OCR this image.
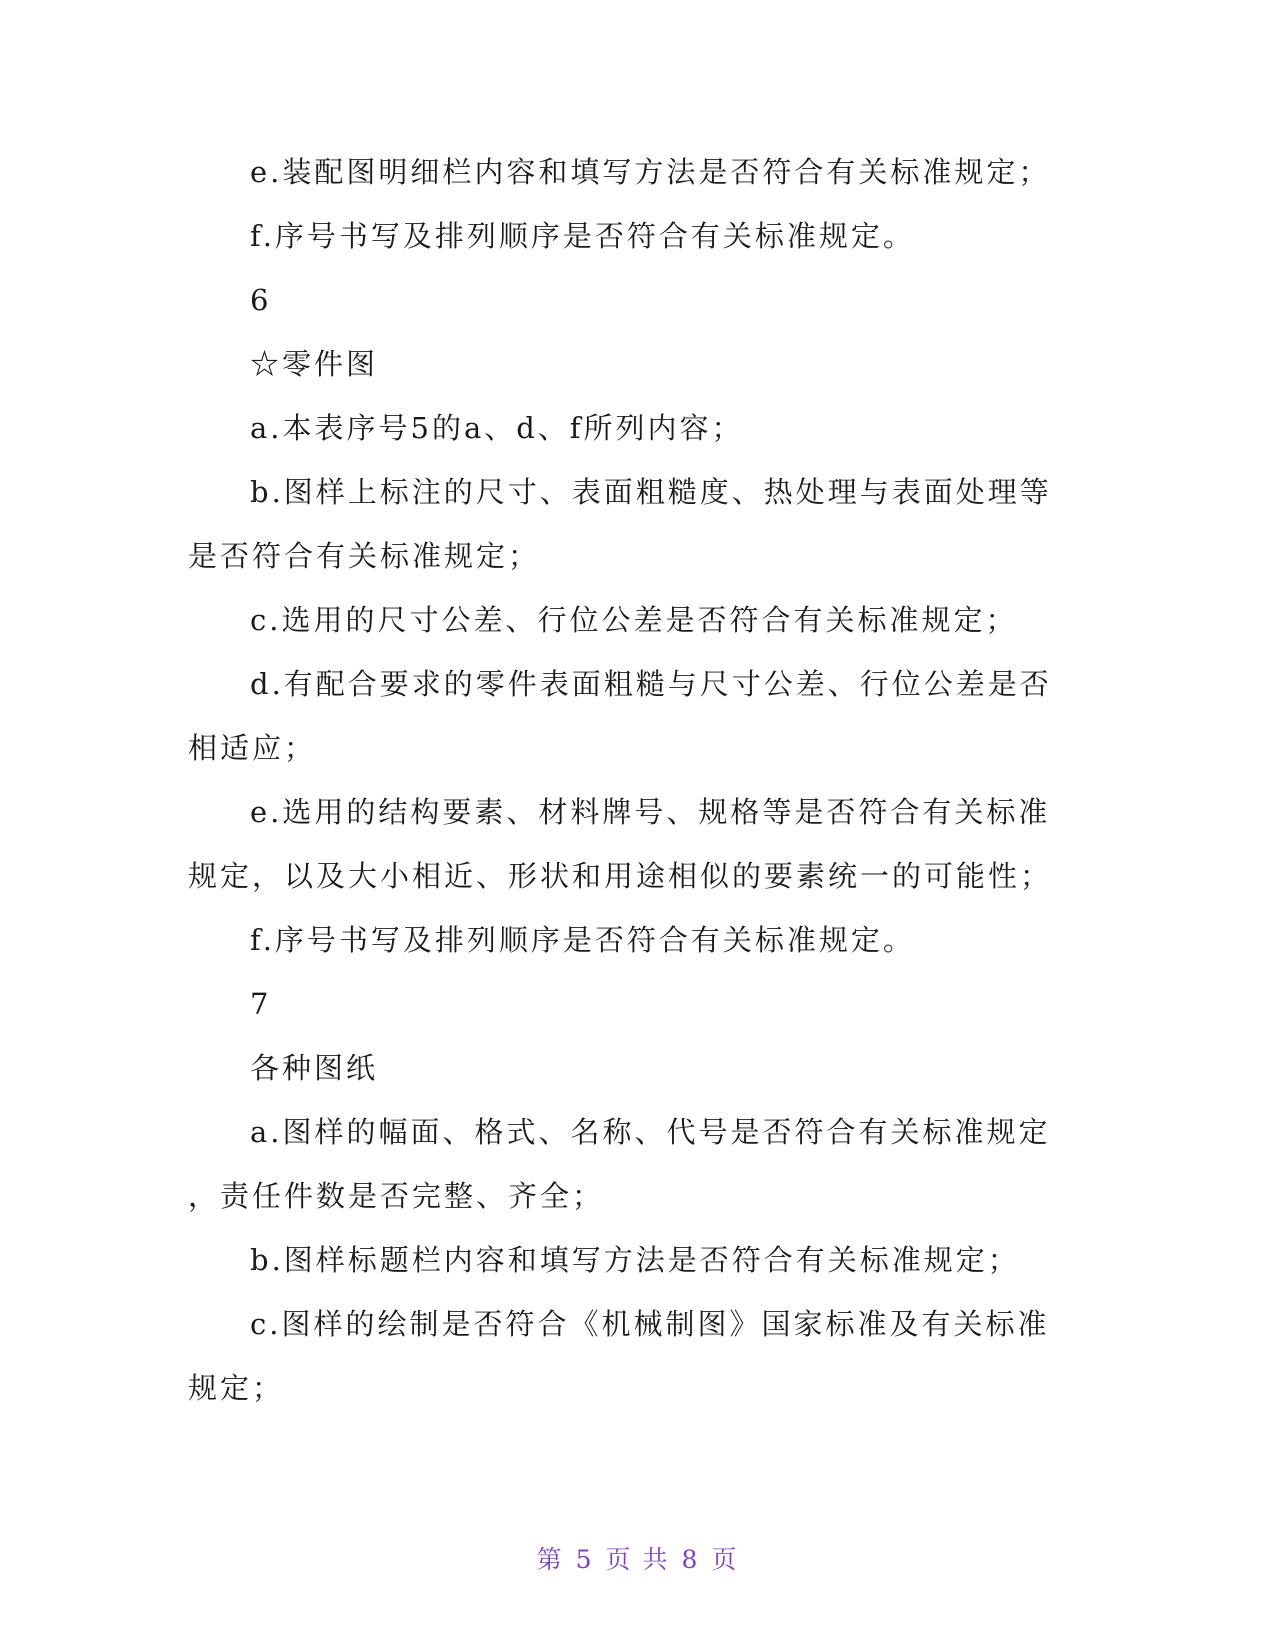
e.装配图明细栏内容和填写方法是否符合有关标准规定；

f.序号书写及排列顺序是否符合有关标准规定。

6

☆零件图

a.本表序号5的a、d、f所列内容；

b.图样上标注的尺寸、表面粗糙度、热处理与表面处理等

是否符合有关标准规定；

c.选用的尺寸公差、行位公差是否符合有关标准规定；

d.有配合要求的零件表面粗糙与尺寸公差、行位公差是否

相适应；

e.选用的结构要素、材料牌号、规格等是否符合有关标准

规定，以及大小相近、形状和用途相似的要素统一的可能性；

f.序号书写及排列顺序是否符合有关标准规定。

7

各种图纸

a.图样的幅面、格式、名称、代号是否符合有关标准规定

，责任件数是否完整、齐全；

b.图样标题栏内容和填写方法是否符合有关标准规定；

c.图样的绘制是否符合《机械制图》国家标准及有关标准

规定；

第 5 页 共 8 页
